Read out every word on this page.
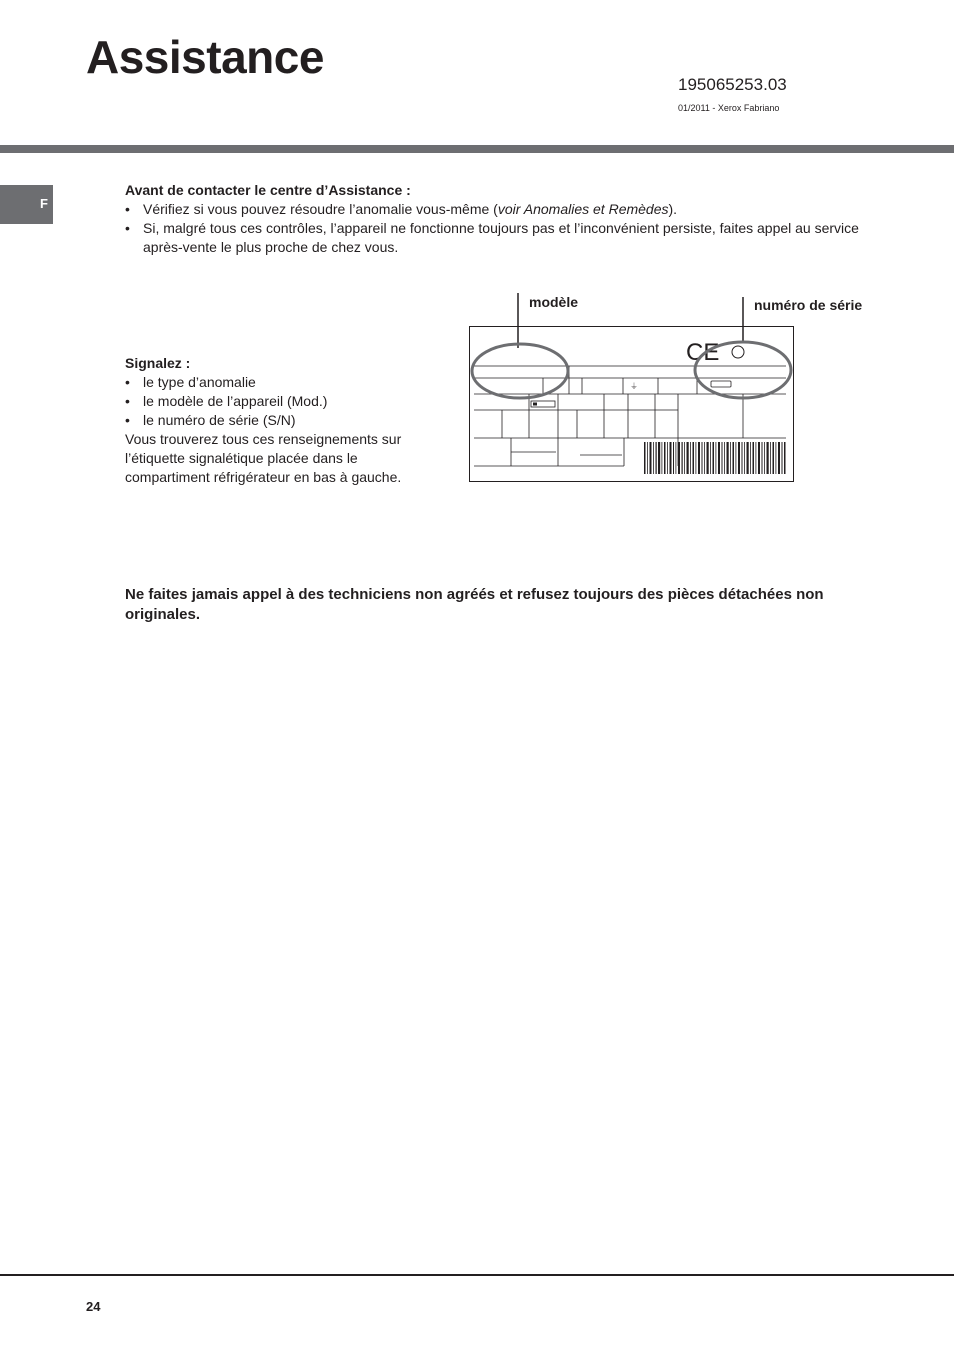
Assistance
195065253.03
01/2011 - Xerox Fabriano
F
Avant de contacter le centre d’Assistance :
• Vérifiez si vous pouvez résoudre l’anomalie vous-même (voir Anomalies et Remèdes).
• Si, malgré tous ces contrôles, l’appareil ne fonctionne toujours pas et l’inconvénient persiste, faites appel au service après-vente le plus proche de chez vous.
Signalez :
• le type d’anomalie
• le modèle de l’appareil (Mod.)
• le numéro de série (S/N)
Vous trouverez tous ces renseignements sur l’étiquette signalétique placée dans le compartiment réfrigérateur en bas à gauche.
modèle	numéro de série
CE
⏚
Ne faites jamais appel à des techniciens non agréés et refusez toujours des pièces détachées non originales.
24
